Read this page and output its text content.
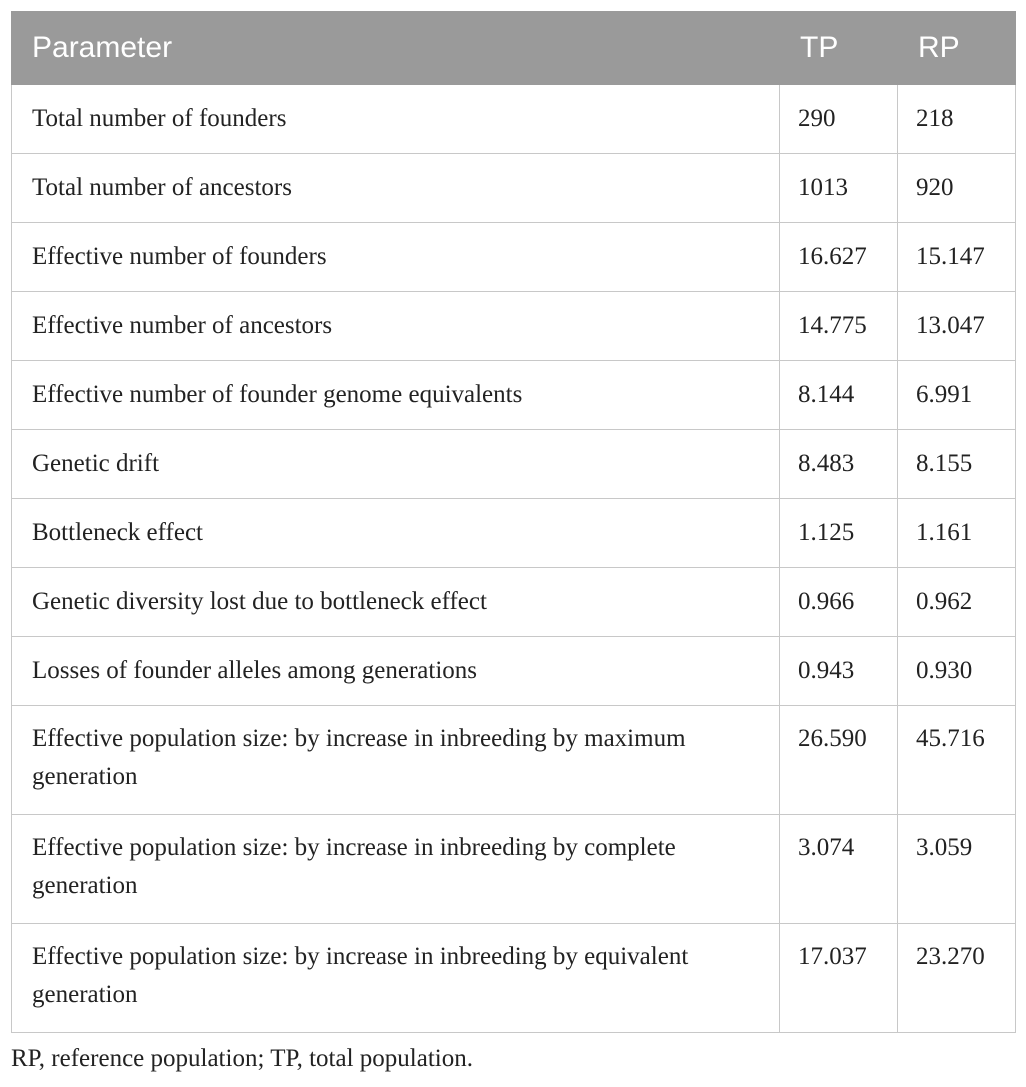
Parameter	TP	RP
Total number of founders	290	218
Total number of ancestors	1013	920
Effective number of founders	16.627	15.147
Effective number of ancestors	14.775	13.047
Effective number of founder genome equivalents	8.144	6.991
Genetic drift	8.483	8.155
Bottleneck effect	1.125	1.161
Genetic diversity lost due to bottleneck effect	0.966	0.962
Losses of founder alleles among generations	0.943	0.930
Effective population size: by increase in inbreeding by maximum generation	26.590	45.716
Effective population size: by increase in inbreeding by complete generation	3.074	3.059
Effective population size: by increase in inbreeding by equivalent generation	17.037	23.270
RP, reference population; TP, total population.
